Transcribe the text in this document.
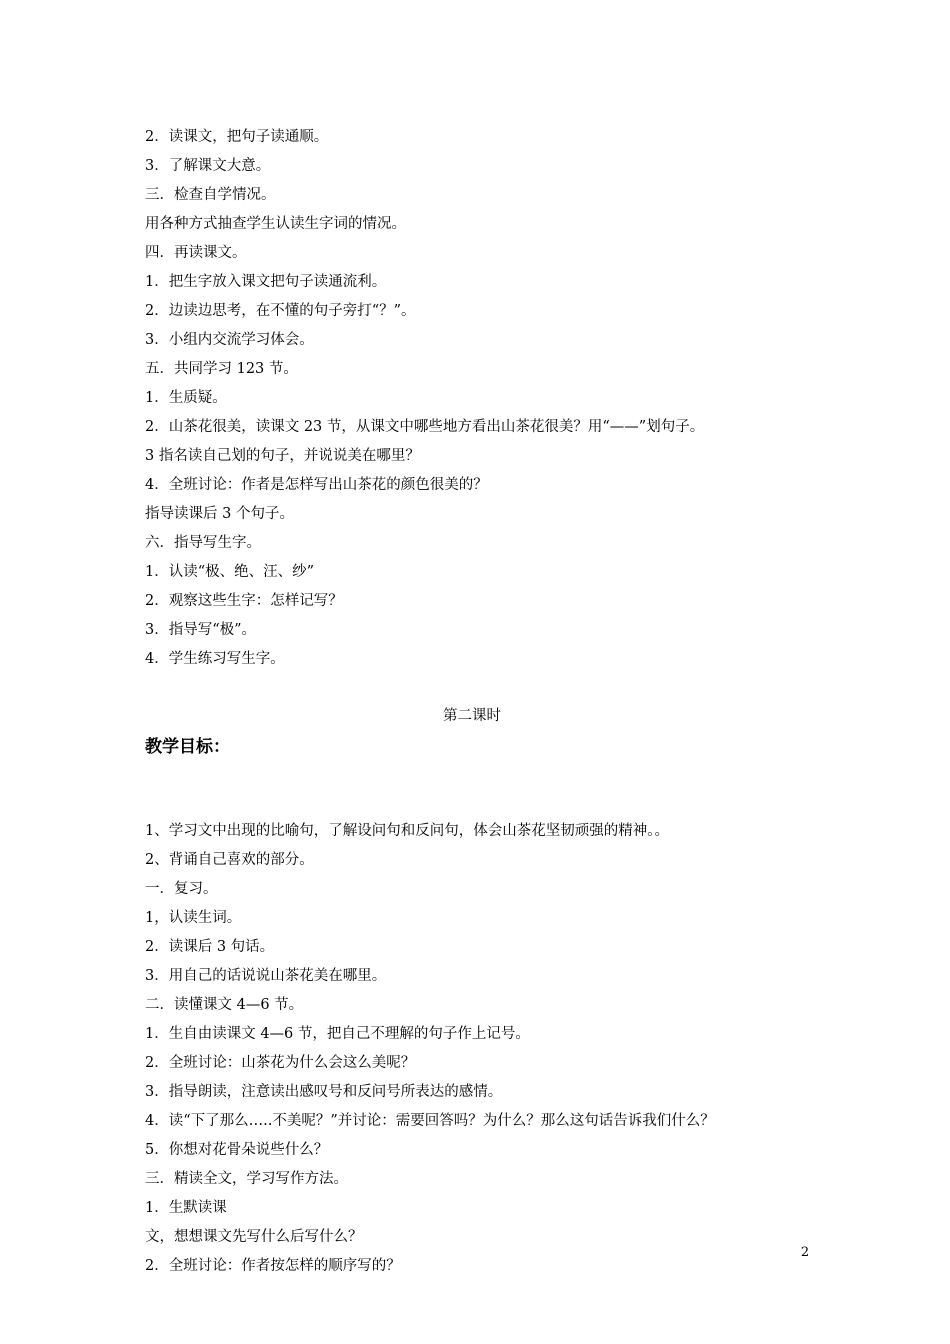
2．读课文，把句子读通顺。
3．了解课文大意。
三．检查自学情况。
用各种方式抽查学生认读生字词的情况。
四．再读课文。
1．把生字放入课文把句子读通流利。
2．边读边思考，在不懂的句子旁打“？”。
3．小组内交流学习体会。
五．共同学习 123 节。
1．生质疑。
2．山茶花很美，读课文 23 节，从课文中哪些地方看出山茶花很美？用“——”划句子。
3 指名读自己划的句子，并说说美在哪里？
4．全班讨论：作者是怎样写出山茶花的颜色很美的？
指导读课后 3 个句子。
六．指导写生字。
1．认读“极、绝、汪、纱”
2．观察这些生字：怎样记写？
3．指导写“极”。
4．学生练习写生字。
第二课时
教学目标：
1、学习文中出现的比喻句，了解设问句和反问句，体会山茶花坚韧顽强的精神。。
2、背诵自己喜欢的部分。
一．复习。
1，认读生词。
2．读课后 3 句话。
3．用自己的话说说山茶花美在哪里。
二．读懂课文 4—6 节。
1．生自由读课文 4—6 节，把自己不理解的句子作上记号。
2．全班讨论：山茶花为什么会这么美呢？
3．指导朗读，注意读出感叹号和反问号所表达的感情。
4．读“下了那么…..不美呢？”并讨论：需要回答吗？为什么？那么这句话告诉我们什么？
5．你想对花骨朵说些什么？
三．精读全文，学习写作方法。
1．生默读课
文，想想课文先写什么后写什么？
2．全班讨论：作者按怎样的顺序写的？
2
